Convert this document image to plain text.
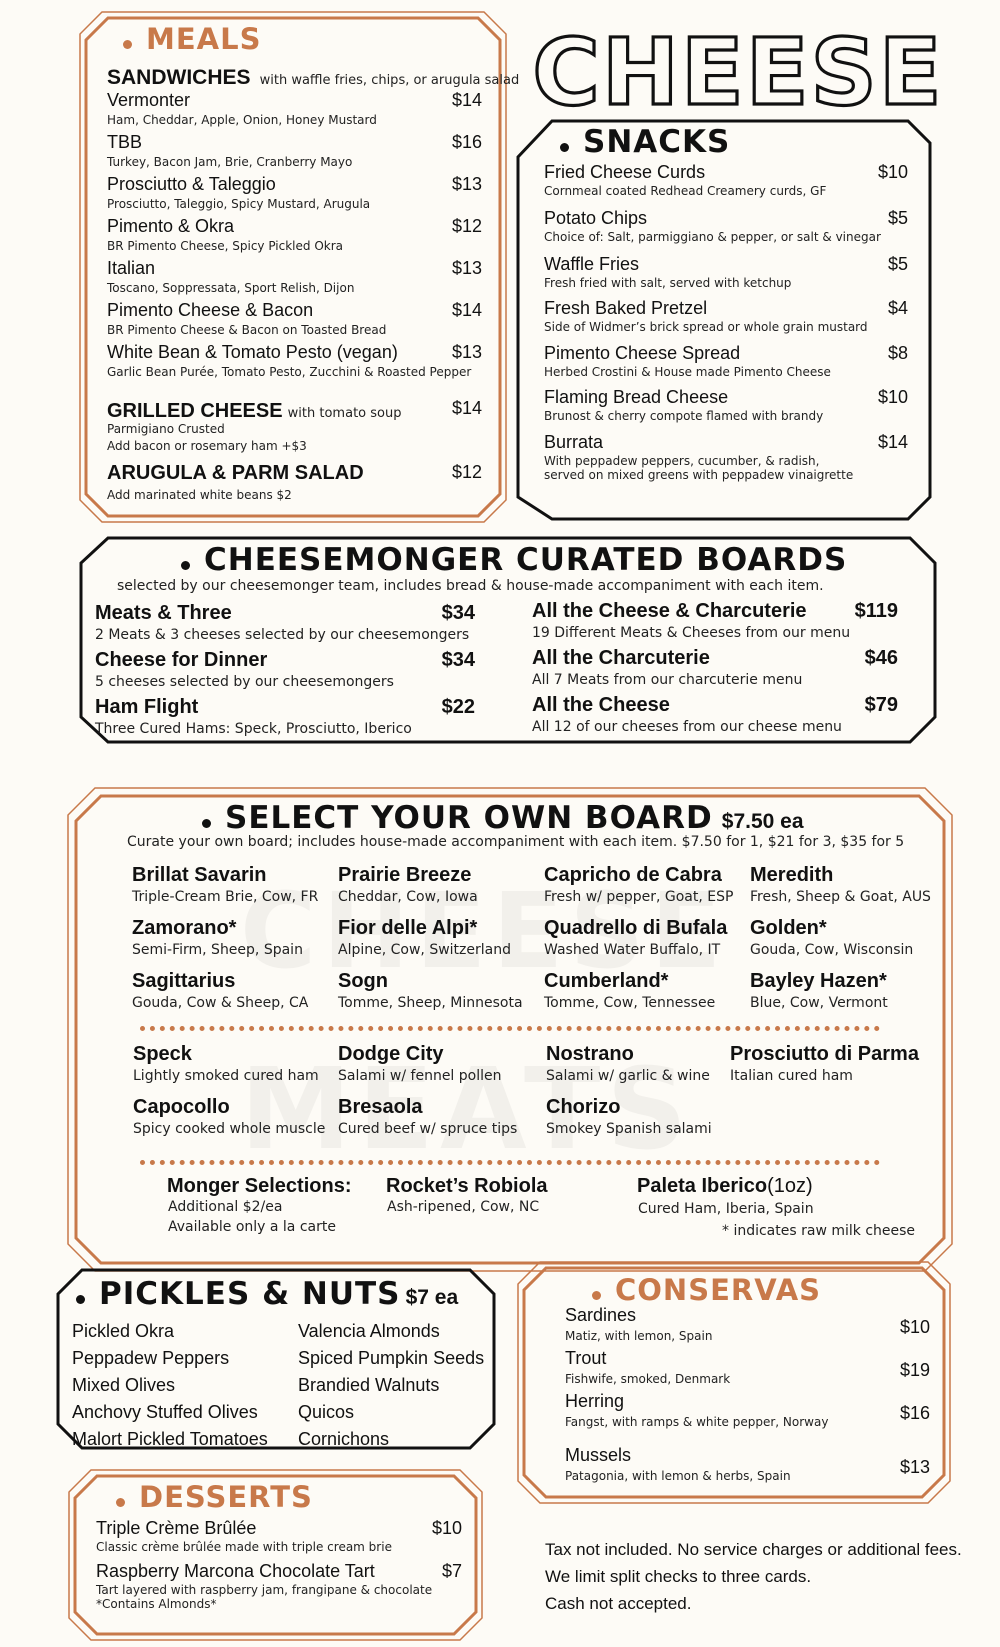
CHEESE
MEALS
SANDWICHES with waffle fries, chips, or arugula salad
Vermonter
Ham, Cheddar, Apple, Onion, Honey Mustard
$14
TBB
Turkey, Bacon Jam, Brie, Cranberry Mayo
$16
Prosciutto & Taleggio
Prosciutto, Taleggio, Spicy Mustard, Arugula
$13
Pimento & Okra
BR Pimento Cheese, Spicy Pickled Okra
$12
Italian
Toscano, Soppressata, Sport Relish, Dijon
$13
Pimento Cheese & Bacon
BR Pimento Cheese & Bacon on Toasted Bread
$14
White Bean & Tomato Pesto (vegan)
Garlic Bean Purée, Tomato Pesto, Zucchini & Roasted Pepper
$13
GRILLED CHEESE with tomato soup
Parmigiano Crusted
Add bacon or rosemary ham +$3
$14
ARUGULA & PARM SALAD
Add marinated white beans $2
$12
SNACKS
Fried Cheese Curds
Cornmeal coated Redhead Creamery curds, GF
$10
Potato Chips
Choice of: Salt, parmiggiano & pepper, or salt & vinegar
$5
Waffle Fries
Fresh fried with salt, served with ketchup
$5
Fresh Baked Pretzel
Side of Widmer’s brick spread or whole grain mustard
$4
Pimento Cheese Spread
Herbed Crostini & House made Pimento Cheese
$8
Flaming Bread Cheese
Brunost & cherry compote flamed with brandy
$10
Burrata
With peppadew peppers, cucumber, & radish,
served on mixed greens with peppadew vinaigrette
$14
CHEESEMONGER CURATED BOARDS
selected by our cheesemonger team, includes bread & house-made accompaniment with each item.
Meats & Three
2 Meats & 3 cheeses selected by our cheesemongers
$34
Cheese for Dinner
5 cheeses selected by our cheesemongers
$34
Ham Flight
Three Cured Hams: Speck, Prosciutto, Iberico
$22
All the Cheese & Charcuterie
19 Different Meats & Cheeses from our menu
$119
All the Charcuterie
All 7 Meats from our charcuterie menu
$46
All the Cheese
All 12 of our cheeses from our cheese menu
$79
SELECT YOUR OWN BOARD $7.50 ea
Curate your own board; includes house-made accompaniment with each item. $7.50 for 1, $21 for 3, $35 for 5
Brillat Savarin
Triple-Cream Brie, Cow, FR
Prairie Breeze
Cheddar, Cow, Iowa
Capricho de Cabra
Fresh w/ pepper, Goat, ESP
Meredith
Fresh, Sheep & Goat, AUS
Zamorano*
Semi-Firm, Sheep, Spain
Fior delle Alpi*
Alpine, Cow, Switzerland
Quadrello di Bufala
Washed Water Buffalo, IT
Golden*
Gouda, Cow, Wisconsin
Sagittarius
Gouda, Cow & Sheep, CA
Sogn
Tomme, Sheep, Minnesota
Cumberland*
Tomme, Cow, Tennessee
Bayley Hazen*
Blue, Cow, Vermont
Speck
Lightly smoked cured ham
Dodge City
Salami w/ fennel pollen
Nostrano
Salami w/ garlic & wine
Prosciutto di Parma
Italian cured ham
Capocollo
Spicy cooked whole muscle
Bresaola
Cured beef w/ spruce tips
Chorizo
Smokey Spanish salami
Monger Selections:
Additional $2/ea
Available only a la carte
Rocket’s Robiola
Ash-ripened, Cow, NC
Paleta Iberico(1oz)
Cured Ham, Iberia, Spain
* indicates raw milk cheese
PICKLES & NUTS $7 ea
Pickled Okra
Peppadew Peppers
Mixed Olives
Anchovy Stuffed Olives
Malort Pickled Tomatoes
Valencia Almonds
Spiced Pumpkin Seeds
Brandied Walnuts
Quicos
Cornichons
CONSERVAS
Sardines
Matiz, with lemon, Spain	$10
Trout
Fishwife, smoked, Denmark	$19
Herring
Fangst, with ramps & white pepper, Norway	$16
Mussels
Patagonia, with lemon & herbs, Spain	$13
DESSERTS
Triple Crème Brûlée
Classic crème brûlée made with triple cream brie
$10
Raspberry Marcona Chocolate Tart
Tart layered with raspberry jam, frangipane & chocolate
*Contains Almonds*
$7
Tax not included. No service charges or additional fees.
We limit split checks to three cards.
Cash not accepted.
